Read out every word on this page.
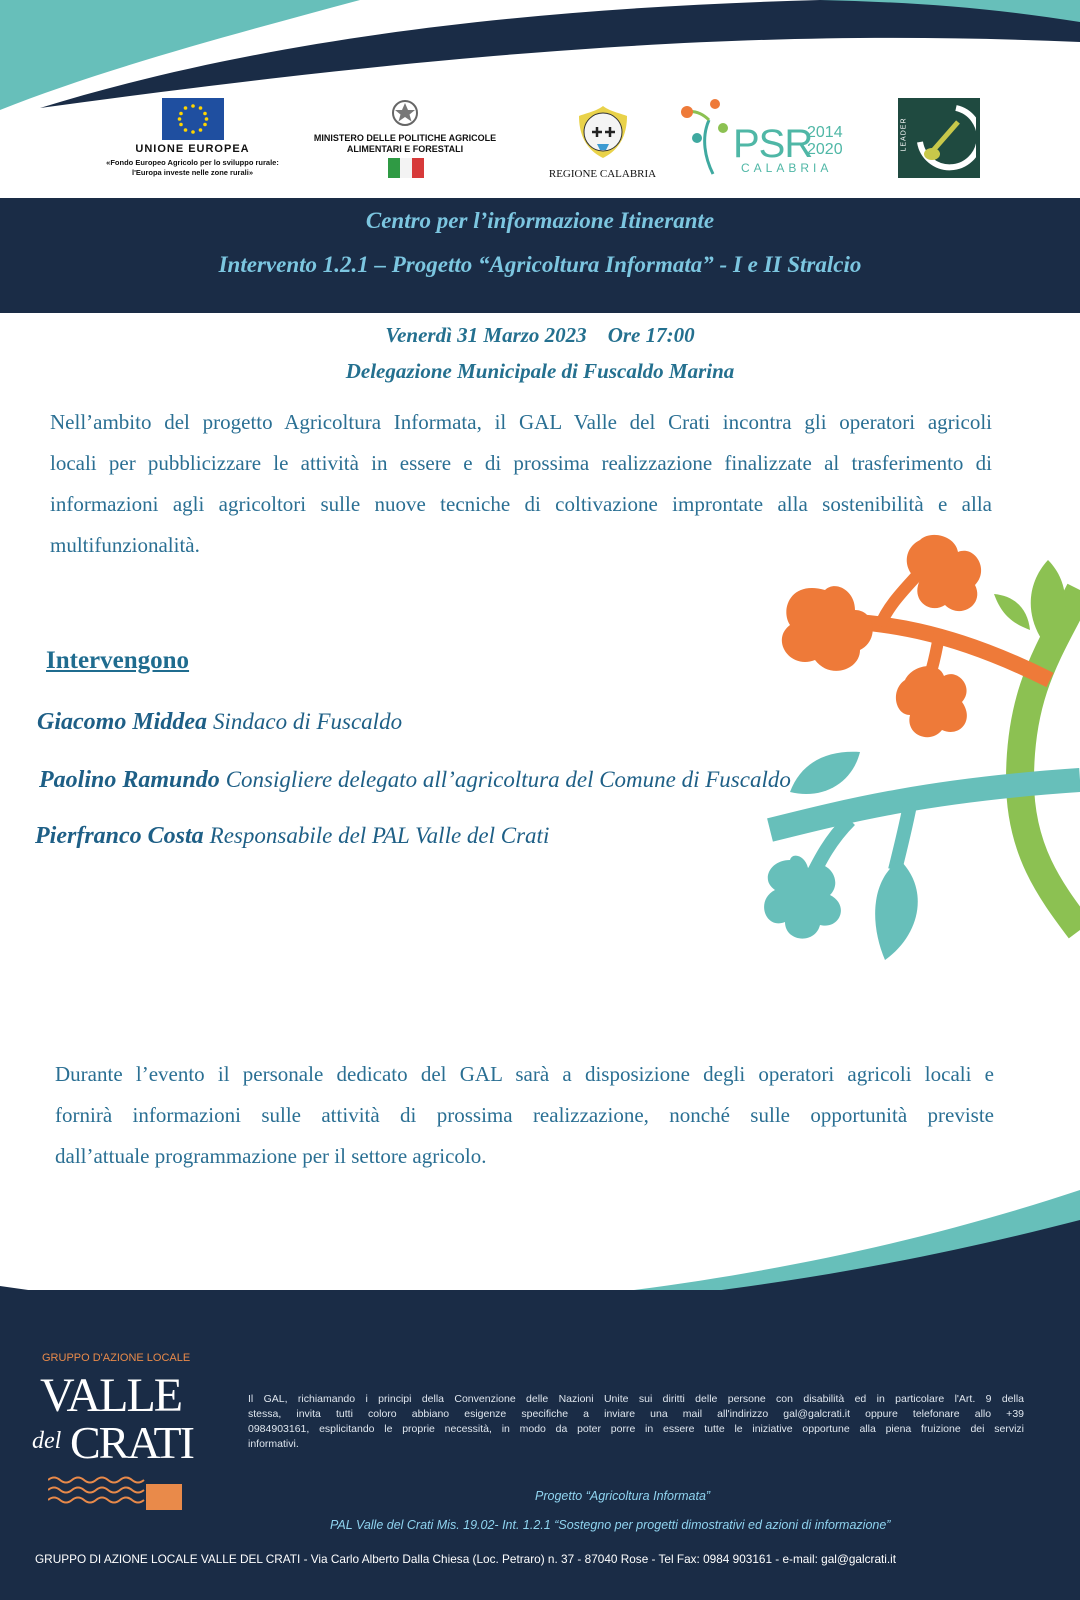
UNIONE EUROPEA
«Fondo Europeo Agricolo per lo sviluppo rurale:
l'Europa investe nelle zone rurali»
MINISTERO DELLE POLITICHE AGRICOLE
ALIMENTARI E FORESTALI
REGIONE CALABRIA
PSR
2014
2020
CALABRIA
LEADER
Centro per l’informazione Itinerante
Intervento 1.2.1 – Progetto “Agricoltura Informata” - I e II Stralcio
Venerdì 31 Marzo 2023 Ore 17:00
Delegazione Municipale di Fuscaldo Marina
Nell’ambito del progetto Agricoltura Informata, il GAL Valle del Crati incontra gli operatori agricoli
locali per pubblicizzare le attività in essere e di prossima realizzazione finalizzate al trasferimento di
informazioni agli agricoltori sulle nuove tecniche di coltivazione improntate alla sostenibilità e alla
multifunzionalità.
Intervengono
Giacomo Middea Sindaco di Fuscaldo
Paolino Ramundo Consigliere delegato all’agricoltura del Comune di Fuscaldo
Pierfranco Costa Responsabile del PAL Valle del Crati
Durante l’evento il personale dedicato del GAL sarà a disposizione degli operatori agricoli locali e
fornirà informazioni sulle attività di prossima realizzazione, nonché sulle opportunità previste
dall’attuale programmazione per il settore agricolo.
GRUPPO D'AZIONE LOCALE
VALLE
del CRATI
Il GAL, richiamando i principi della Convenzione delle Nazioni Unite sui diritti delle persone con disabilità ed in particolare l'Art. 9 della
stessa, invita tutti coloro abbiano esigenze specifiche a inviare una mail all'indirizzo gal@galcrati.it oppure telefonare allo +39
0984903161, esplicitando le proprie necessità, in modo da poter porre in essere tutte le iniziative opportune alla piena fruizione dei servizi
informativi.
Progetto “Agricoltura Informata”
PAL Valle del Crati Mis. 19.02- Int. 1.2.1 “Sostegno per progetti dimostrativi ed azioni di informazione”
GRUPPO DI AZIONE LOCALE VALLE DEL CRATI - Via Carlo Alberto Dalla Chiesa (Loc. Petraro) n. 37 - 87040 Rose - Tel Fax: 0984 903161 - e-mail: gal@galcrati.it
